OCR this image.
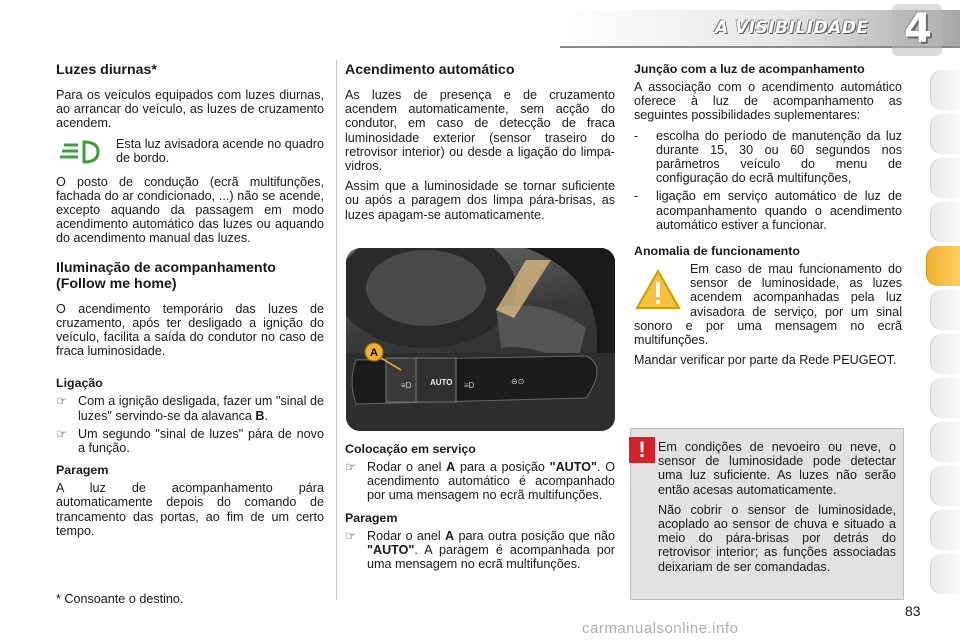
A VISIBILIDADE 4
Luzes diurnas*

Para os veículos equipados com luzes diurnas, ao arrancar do veículo, as luzes de cruzamento acendem.

Esta luz avisadora acende no quadro de bordo.

O posto de condução (ecrã multifunções, fachada do ar condicionado, ...) não se acende, excepto aquando da passagem em modo acendimento automático das luzes ou aquando do acendimento manual das luzes.

Iluminação de acompanhamento (Follow me home)

O acendimento temporário das luzes de cruzamento, após ter desligado a ignição do veículo, facilita a saída do condutor no caso de fraca luminosidade.

Ligação
☞ Com a ignição desligada, fazer um "sinal de luzes" servindo-se da alavanca B.
☞ Um segundo "sinal de luzes" pára de novo a função.
Paragem

A luz de acompanhamento pára automaticamente depois do comando de trancamento das portas, ao fim de um certo tempo.

* Consoante o destino.
Acendimento automático

As luzes de presença e de cruzamento acendem automaticamente, sem acção do condutor, em caso de detecção de fraca luminosidade exterior (sensor traseiro do retrovisor interior) ou desde a ligação do limpa-vidros.

Assim que a luminosidade se tornar suficiente ou após a paragem dos limpa pára-brisas, as luzes apagam-se automaticamente.

AUTO
≡D	≡D	⊖⊙
A
Colocação em serviço
☞ Rodar o anel A para a posição "AUTO". O acendimento automático é acompanhado por uma mensagem no ecrã multifunções.
Paragem
☞ Rodar o anel A para outra posição que não "AUTO". A paragem é acompanhada por uma mensagem no ecrã multifunções.
Junção com a luz de acompanhamento

A associação com o acendimento automático oferece à luz de acompanhamento as seguintes possibilidades suplementares:

-	escolha do período de manutenção da luz durante 15, 30 ou 60 segundos nos parâmetros veículo do menu de configuração do ecrã multifunções,
-	ligação em serviço automático de luz de acompanhamento quando o acendimento automático estiver a funcionar.
Anomalia de funcionamento

Em caso de mau funcionamento do sensor de luminosidade, as luzes acendem acompanhadas pela luz avisadora de serviço, por um sinal sonoro e por uma mensagem no ecrã multifunções.

Mandar verificar por parte da Rede PEUGEOT.

! Em condições de nevoeiro ou neve, o sensor de luminosidade pode detectar uma luz suficiente. As luzes não serão então acesas automaticamente.

Não cobrir o sensor de luminosidade, acoplado ao sensor de chuva e situado a meio do pára-brisas por detrás do retrovisor interior; as funções associadas deixariam de ser comandadas.

83
carmanualsonline.info
